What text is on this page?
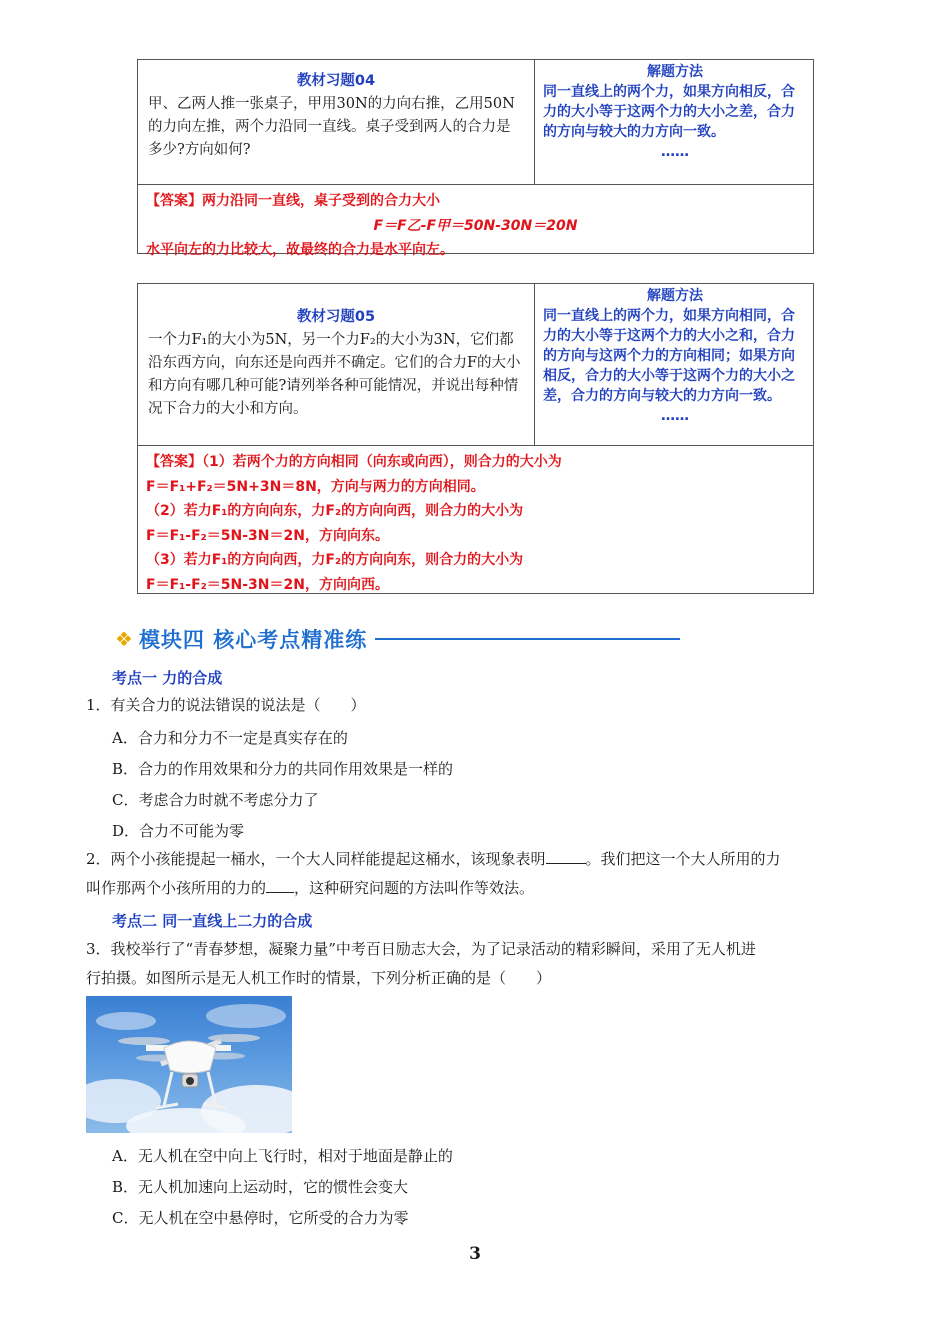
教材习题04
甲、乙两人推一张桌子，甲用30N的力向右推，乙用50N的力向左推，两个力沿同一直线。桌子受到两人的合力是多少?方向如何?
解题方法
同一直线上的两个力，如果方向相反，合力的大小等于这两个力的大小之差，合力的方向与较大的力方向一致。
……
【答案】两力沿同一直线，桌子受到的合力大小
F＝F乙-F甲＝50N-30N＝20N
水平向左的力比较大，故最终的合力是水平向左。
教材习题05
一个力F₁的大小为5N，另一个力F₂的大小为3N，它们都沿东西方向，向东还是向西并不确定。它们的合力F的大小和方向有哪几种可能?请列举各种可能情况，并说出每种情况下合力的大小和方向。
解题方法
同一直线上的两个力，如果方向相同，合力的大小等于这两个力的大小之和，合力的方向与这两个力的方向相同；如果方向相反，合力的大小等于这两个力的大小之差，合力的方向与较大的力方向一致。
……
【答案】（1）若两个力的方向相同（向东或向西），则合力的大小为
F＝F₁+F₂＝5N+3N＝8N，方向与两力的方向相同。
（2）若力F₁的方向向东，力F₂的方向向西，则合力的大小为
F＝F₁-F₂＝5N-3N＝2N，方向向东。
（3）若力F₁的方向向西，力F₂的方向向东，则合力的大小为
F＝F₁-F₂＝5N-3N＝2N，方向向西。
❖ 模块四 核心考点精准练
考点一 力的合成
1．有关合力的说法错误的说法是（　　）
A．合力和分力不一定是真实存在的
B．合力的作用效果和分力的共同作用效果是一样的
C．考虑合力时就不考虑分力了
D．合力不可能为零
2．两个小孩能提起一桶水，一个大人同样能提起这桶水，该现象表明	。我们把这一个大人所用的力
叫作那两个小孩所用的力的 ，这种研究问题的方法叫作等效法。
考点二 同一直线上二力的合成
3．我校举行了“青春梦想，凝聚力量”中考百日励志大会，为了记录活动的精彩瞬间，采用了无人机进
行拍摄。如图所示是无人机工作时的情景，下列分析正确的是（　　）
A．无人机在空中向上飞行时，相对于地面是静止的
B．无人机加速向上运动时，它的惯性会变大
C．无人机在空中悬停时，它所受的合力为零
3
